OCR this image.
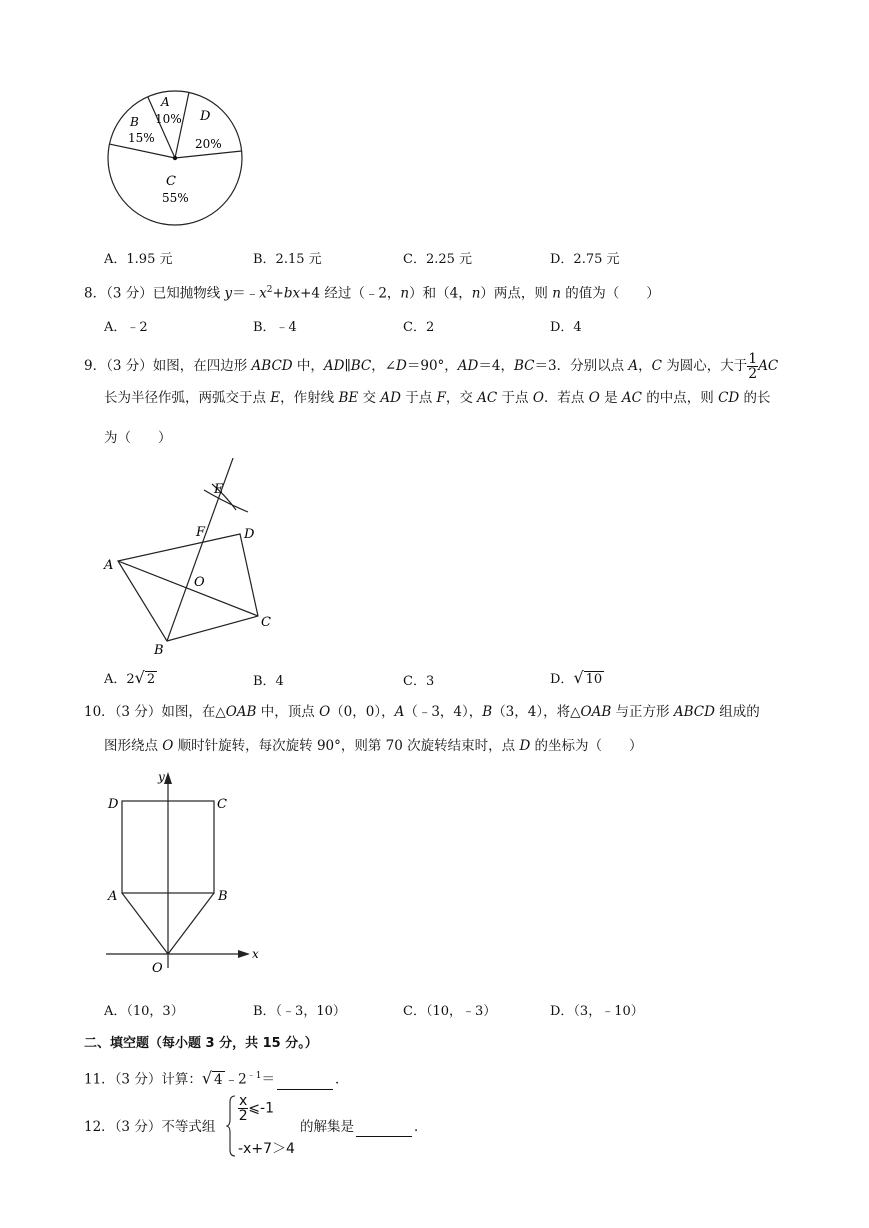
A
10%
B
15%
C
55%
D
20%
A．1.95 元	B．2.15 元	C．2.25 元	D．2.75 元
8．（3 分）已知抛物线 $y=﹣x^2+bx+4$ 经过（﹣2，n）和（4，n）两点，则 n 的值为（　　）
A．﹣2	B．﹣4	C．2	D．4
9．（3 分）如图，在四边形 ABCD 中，AD∥BC，∠D＝90°，AD＝4，BC＝3．分别以点 A，C 为圆心，大于 $\frac{1}{2}$ AC
长为半径作弧，两弧交于点 E，作射线 BE 交 AD 于点 F，交 AC 于点 O．若点 O 是 AC 的中点，则 CD 的长
为（　　）
E
F	D
A
O
B
C
A．2√ 2	B．4	C．3	D．√ 10
10．（3 分）如图，在△OAB 中，顶点 O（0，0），A（﹣3，4），B（3，4），将△OAB 与正方形 ABCD 组成的
图形绕点 O 顺时针旋转，每次旋转 90°，则第 70 次旋转结束时，点 D 的坐标为（　　）
y
x
D	C
A	B
O
A．（10，3）	B．（﹣3，10）	C．（10，﹣3）	D．（3，﹣10）
二、填空题（每小题 3 分，共 15 分。）
11．（3 分）计算：√ 4 $﹣2^{﹣1}=$	．
12．（3 分）不等式组
$\frac{x}{2}$ ⩽-1
-x+7＞4
的解集是	．
